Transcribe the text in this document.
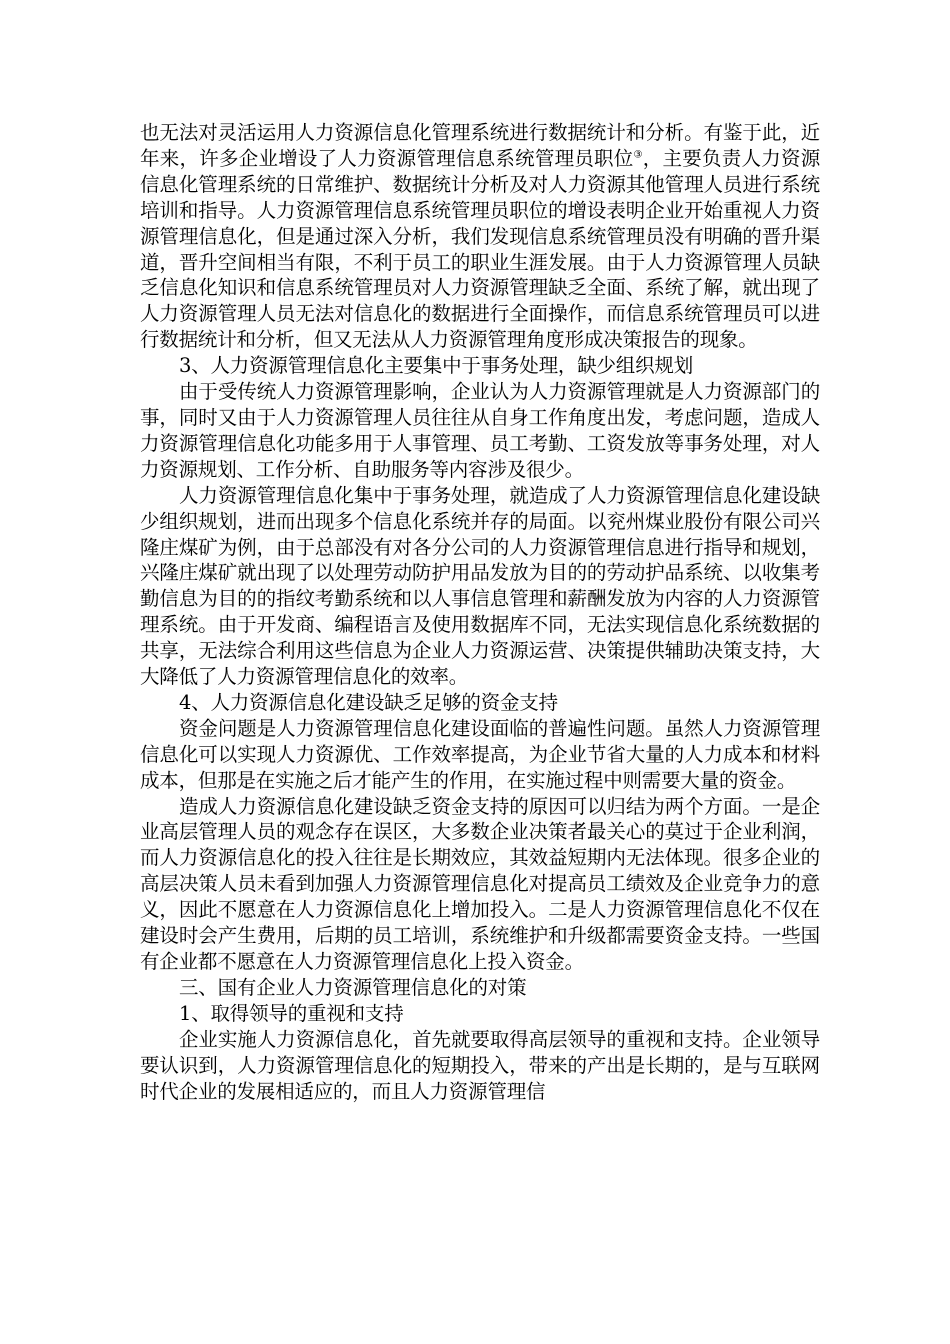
也无法对灵活运用人力资源信息化管理系统进行数据统计和分析。有鉴于此，近年来，许多企业增设了人力资源管理信息系统管理员职位③，主要负责人力资源信息化管理系统的日常维护、数据统计分析及对人力资源其他管理人员进行系统培训和指导。人力资源管理信息系统管理员职位的增设表明企业开始重视人力资源管理信息化，但是通过深入分析，我们发现信息系统管理员没有明确的晋升渠道，晋升空间相当有限，不利于员工的职业生涯发展。由于人力资源管理人员缺乏信息化知识和信息系统管理员对人力资源管理缺乏全面、系统了解，就出现了人力资源管理人员无法对信息化的数据进行全面操作，而信息系统管理员可以进行数据统计和分析，但又无法从人力资源管理角度形成决策报告的现象。

3、人力资源管理信息化主要集中于事务处理，缺少组织规划

由于受传统人力资源管理影响，企业认为人力资源管理就是人力资源部门的事，同时又由于人力资源管理人员往往从自身工作角度出发，考虑问题，造成人力资源管理信息化功能多用于人事管理、员工考勤、工资发放等事务处理，对人力资源规划、工作分析、自助服务等内容涉及很少。

人力资源管理信息化集中于事务处理，就造成了人力资源管理信息化建设缺少组织规划，进而出现多个信息化系统并存的局面。以兖州煤业股份有限公司兴隆庄煤矿为例，由于总部没有对各分公司的人力资源管理信息进行指导和规划，兴隆庄煤矿就出现了以处理劳动防护用品发放为目的的劳动护品系统、以收集考勤信息为目的的指纹考勤系统和以人事信息管理和薪酬发放为内容的人力资源管理系统。由于开发商、编程语言及使用数据库不同，无法实现信息化系统数据的共享，无法综合利用这些信息为企业人力资源运营、决策提供辅助决策支持，大大降低了人力资源管理信息化的效率。

4、人力资源信息化建设缺乏足够的资金支持

资金问题是人力资源管理信息化建设面临的普遍性问题。虽然人力资源管理信息化可以实现人力资源优、工作效率提高，为企业节省大量的人力成本和材料成本，但那是在实施之后才能产生的作用，在实施过程中则需要大量的资金。

造成人力资源信息化建设缺乏资金支持的原因可以归结为两个方面。一是企业高层管理人员的观念存在误区，大多数企业决策者最关心的莫过于企业利润，而人力资源信息化的投入往往是长期效应，其效益短期内无法体现。很多企业的高层决策人员未看到加强人力资源管理信息化对提高员工绩效及企业竞争力的意义，因此不愿意在人力资源信息化上增加投入。二是人力资源管理信息化不仅在建设时会产生费用，后期的员工培训，系统维护和升级都需要资金支持。一些国有企业都不愿意在人力资源管理信息化上投入资金。

三、国有企业人力资源管理信息化的对策

1、取得领导的重视和支持

企业实施人力资源信息化，首先就要取得高层领导的重视和支持。企业领导要认识到，人力资源管理信息化的短期投入，带来的产出是长期的，是与互联网时代企业的发展相适应的，而且人力资源管理信
